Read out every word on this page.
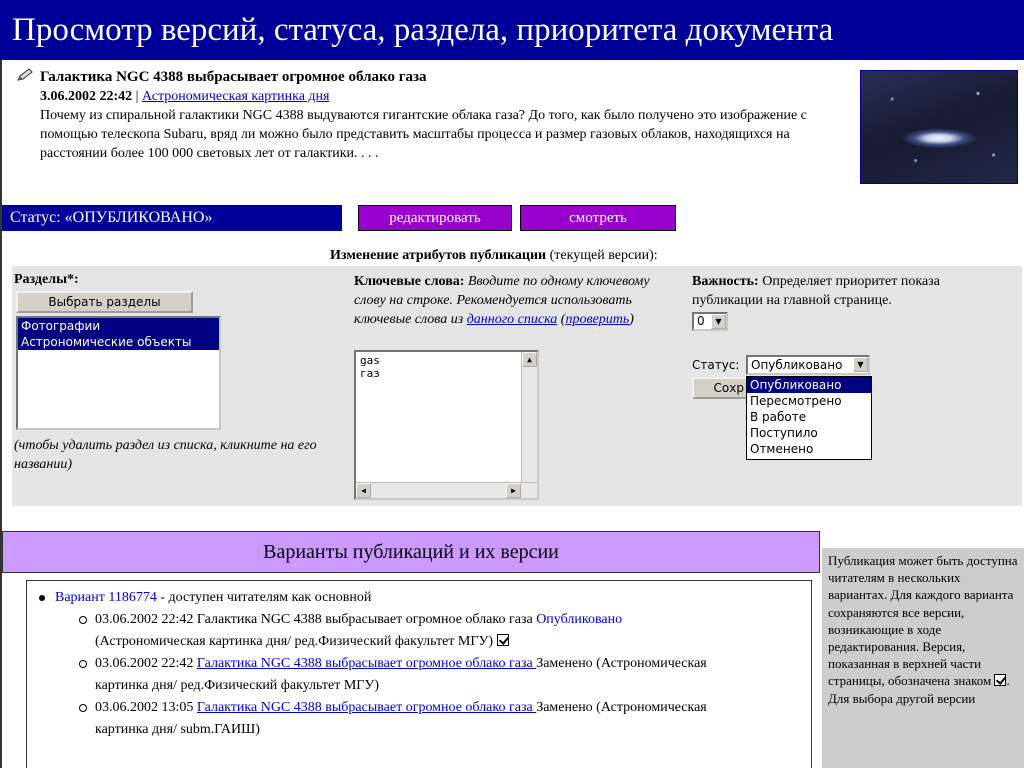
Просмотр версий, статуса, раздела, приоритета документа
Галактика NGC 4388 выбрасывает огромное облако газа
3.06.2002 22:42 | Астрономическая картинка дня
Почему из спиральной галактики NGC 4388 выдуваются гигантские облака газа? До того, как было получено это изображение с помощью телескопа Subaru, вряд ли можно было представить масштабы процесса и размер газовых облаков, находящихся на расстоянии более 100 000 световых лет от галактики. . . .
Статус: «ОПУБЛИКОВАНО»	редактировать	смотреть
Изменение атрибутов публикации (текущей версии):
Разделы*:
Выбрать разделы
Фотографии
Астрономические объекты
(чтобы удалить раздел из списка, кликните на его названии)
Ключевые слова: Вводите по одному ключевому слову на строке. Рекомендуется использовать ключевые слова из данного списка (проверить)
gas
газ
▲
◀	▶
Важность: Определяет приоритет показа публикации на главной странице.
0	▼
Статус: Опубликовано	▼
Сохр Опубликовано
Пересмотрено
В работе
Поступило
Отменено
Варианты публикаций и их версии
Вариант 1186774 - доступен читателям как основной
03.06.2002 22:42 Галактика NGC 4388 выбрасывает огромное облако газа Опубликовано
(Астрономическая картинка дня/ ред.Физический факультет МГУ)
03.06.2002 22:42 Галактика NGC 4388 выбрасывает огромное облако газа Заменено (Астрономическая
картинка дня/ ред.Физический факультет МГУ)
03.06.2002 13:05 Галактика NGC 4388 выбрасывает огромное облако газа Заменено (Астрономическая
картинка дня/ subm.ГАИШ)
Публикация может быть доступна читателям в нескольких вариантах. Для каждого варианта сохраняются все версии, возникающие в ходе редактирования. Версия, показанная в верхней части страницы, обозначена знаком . Для выбора другой версии
